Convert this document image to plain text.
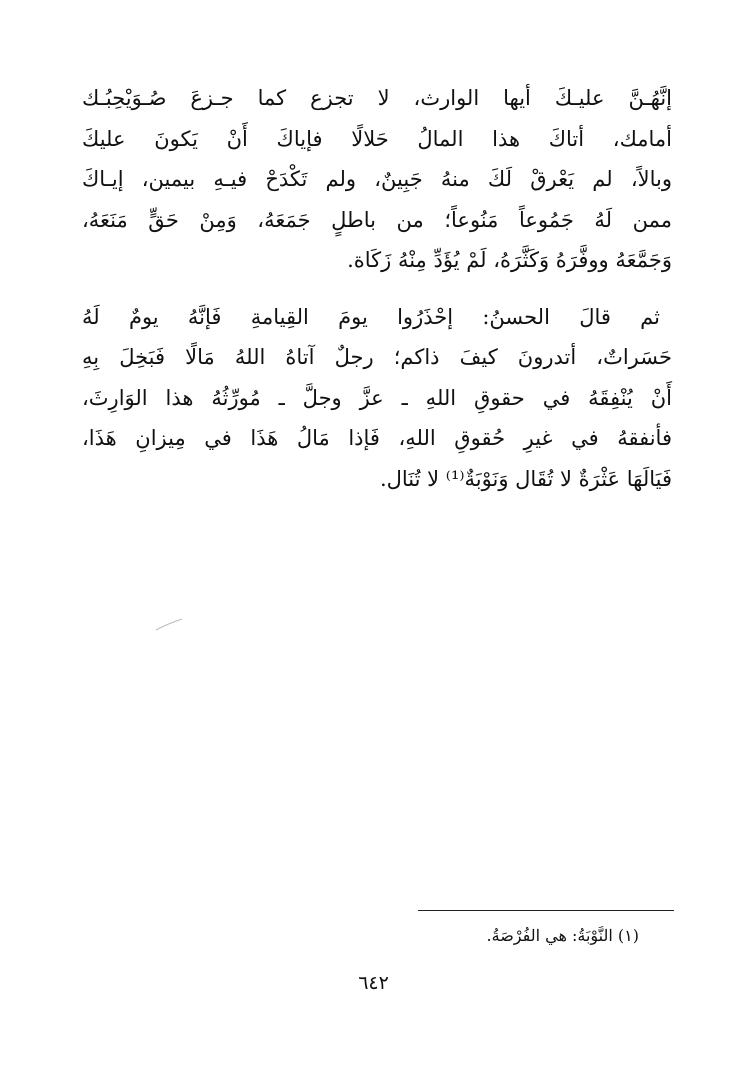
إنَّهُـنَّ عليـكَ أيها الوارث، لا تجزع كما جـزعَ صُـوَيْحِبُـك
أمامك، أتاكَ هذا المالُ حَلالًا فإياكَ أَنْ يَكونَ عليكَ
وبالاً، لم يَعْرقْ لَكَ منهُ جَبِينٌ، ولم تَكْدَحْ فيـهِ بيمين، إيـاكَ
ممن لَهُ جَمُوعاً مَنُوعاً؛ من باطلٍ جَمَعَهُ، وَمِنْ حَقٍّ مَنَعَهُ،
وَجَمَّعَهُ ووفَّرَهُ وَكَثَّرَهُ، لَمْ يُؤَدِّ مِنْهُ زَكَاة.

ثم قالَ الحسنُ: إحْذَرُوا يومَ القِيامةِ فَإنَّهُ يومٌ لَهُ
حَسَراتٌ، أتدرونَ كيفَ ذاكم؛ رجلٌ آتاهُ اللهُ مَالًا فَبَخِلَ بِهِ
أَنْ يُنْفِقَهُ في حقوقِ اللهِ ـ عزَّ وجلَّ ـ مُورِّثُهُ هذا الوَارِثَ،
فأنفقهُ في غيرِ حُقوقِ اللهِ، فَإذا مَالُ هَذَا في مِيزانِ هَذَا،
فَيَالَهَا عَثْرَةٌ لا تُقَال وَنَوْبَةٌ⁽¹⁾ لا تُنَال.

(١) النَّوْبَةُ: هي الفُرْصَةُ.
٦٤٢
